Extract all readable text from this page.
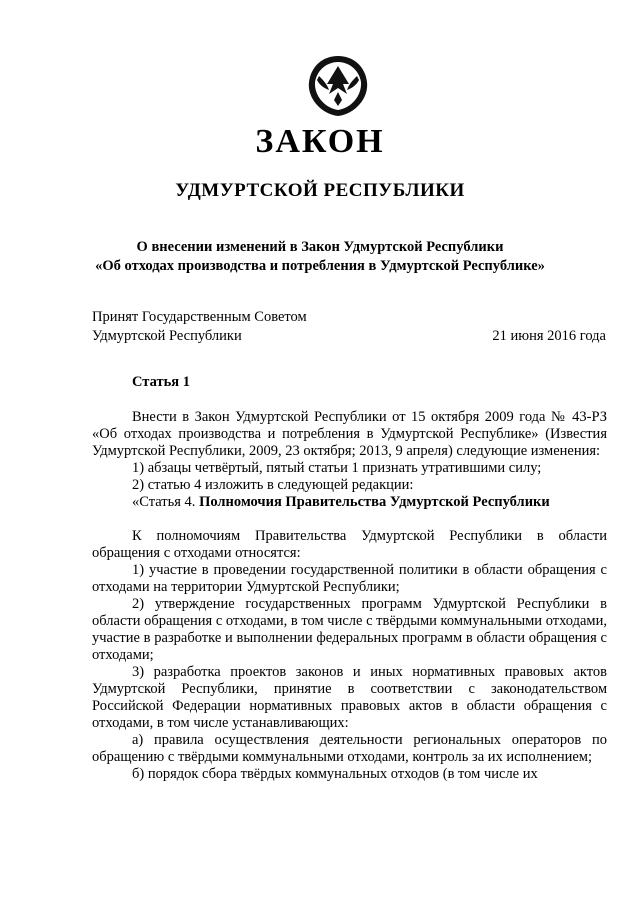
ЗАКОН
УДМУРТСКОЙ РЕСПУБЛИКИ
О внесении изменений в Закон Удмуртской Республики
«Об отходах производства и потребления в Удмуртской Республике»
Принят Государственным Советом
Удмуртской Республики	21 июня 2016 года
Статья 1

Внести в Закон Удмуртской Республики от 15 октября 2009 года № 43-РЗ «Об отходах производства и потребления в Удмуртской Республике» (Известия Удмуртской Республики, 2009, 23 октября; 2013, 9 апреля) следующие изменения:

1) абзацы четвёртый, пятый статьи 1 признать утратившими силу;

2) статью 4 изложить в следующей редакции:

«Статья 4. Полномочия Правительства Удмуртской Республики

К полномочиям Правительства Удмуртской Республики в области обращения с отходами относятся:

1) участие в проведении государственной политики в области обращения с отходами на территории Удмуртской Республики;

2) утверждение государственных программ Удмуртской Республики в области обращения с отходами, в том числе с твёрдыми коммунальными отходами, участие в разработке и выполнении федеральных программ в области обращения с отходами;

3) разработка проектов законов и иных нормативных правовых актов Удмуртской Республики, принятие в соответствии с законодательством Российской Федерации нормативных правовых актов в области обращения с отходами, в том числе устанавливающих:

а) правила осуществления деятельности региональных операторов по обращению с твёрдыми коммунальными отходами, контроль за их исполнением;

б) порядок сбора твёрдых коммунальных отходов (в том числе их
